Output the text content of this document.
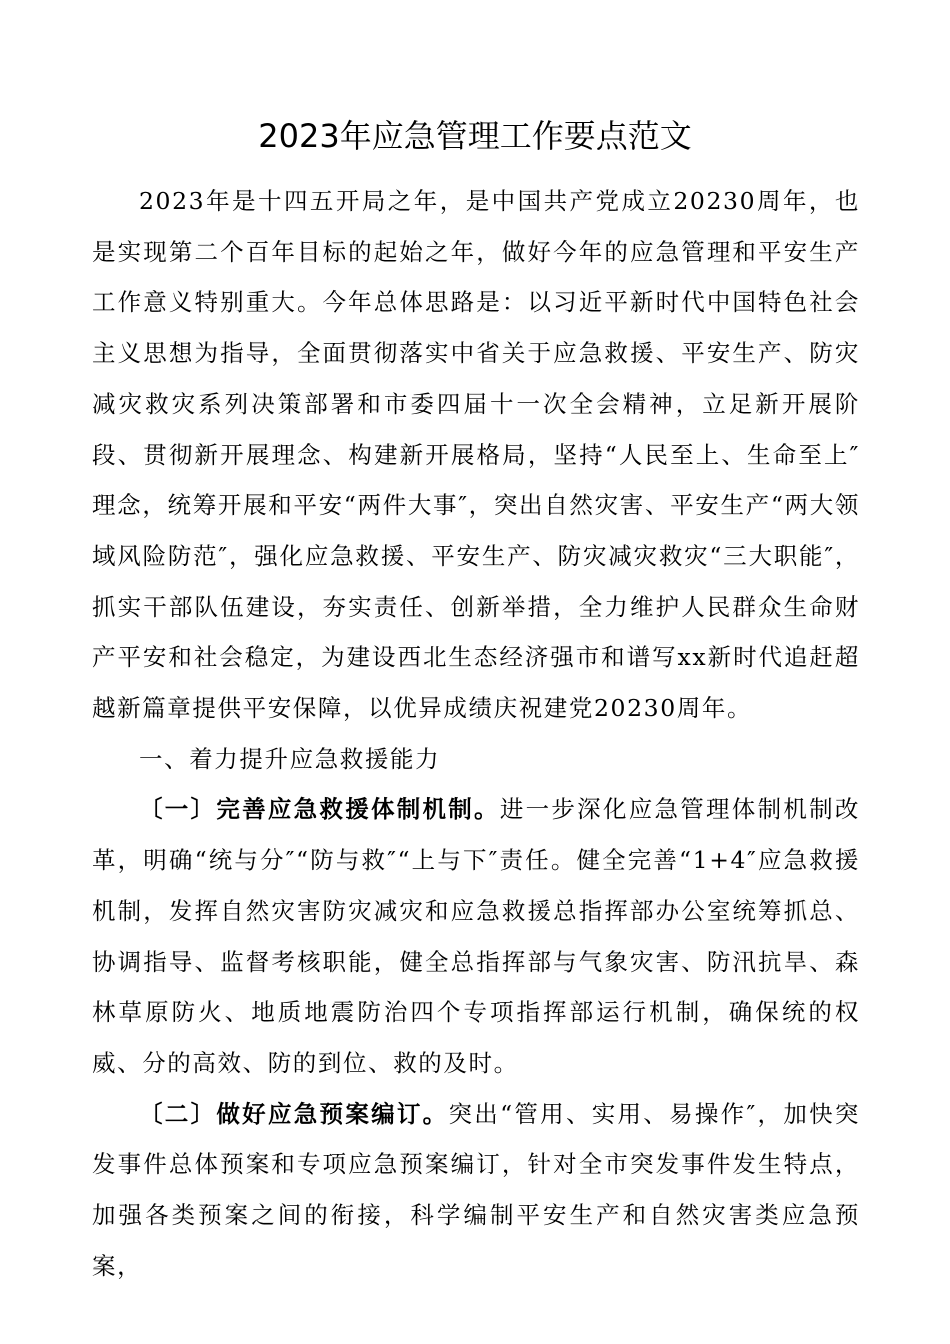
2023年应急管理工作要点范文

2023年是十四五开局之年，是中国共产党成立20230周年，也是实现第二个百年目标的起始之年，做好今年的应急管理和平安生产工作意义特别重大。今年总体思路是：以习近平新时代中国特色社会主义思想为指导，全面贯彻落实中省关于应急救援、平安生产、防灾减灾救灾系列决策部署和市委四届十一次全会精神，立足新开展阶段、贯彻新开展理念、构建新开展格局，坚持“人民至上、生命至上″理念，统筹开展和平安“两件大事″，突出自然灾害、平安生产“两大领域风险防范″，强化应急救援、平安生产、防灾减灾救灾“三大职能″，抓实干部队伍建设，夯实责任、创新举措，全力维护人民群众生命财产平安和社会稳定，为建设西北生态经济强市和谱写xx新时代追赶超越新篇章提供平安保障，以优异成绩庆祝建党20230周年。

一、着力提升应急救援能力

〔一〕完善应急救援体制机制。进一步深化应急管理体制机制改革，明确“统与分″“防与救″“上与下″责任。健全完善“1+4″应急救援机制，发挥自然灾害防灾减灾和应急救援总指挥部办公室统筹抓总、协调指导、监督考核职能，健全总指挥部与气象灾害、防汛抗旱、森林草原防火、地质地震防治四个专项指挥部运行机制，确保统的权威、分的高效、防的到位、救的及时。

〔二〕做好应急预案编订。突出“管用、实用、易操作″，加快突发事件总体预案和专项应急预案编订，针对全市突发事件发生特点，加强各类预案之间的衔接，科学编制平安生产和自然灾害类应急预案，
